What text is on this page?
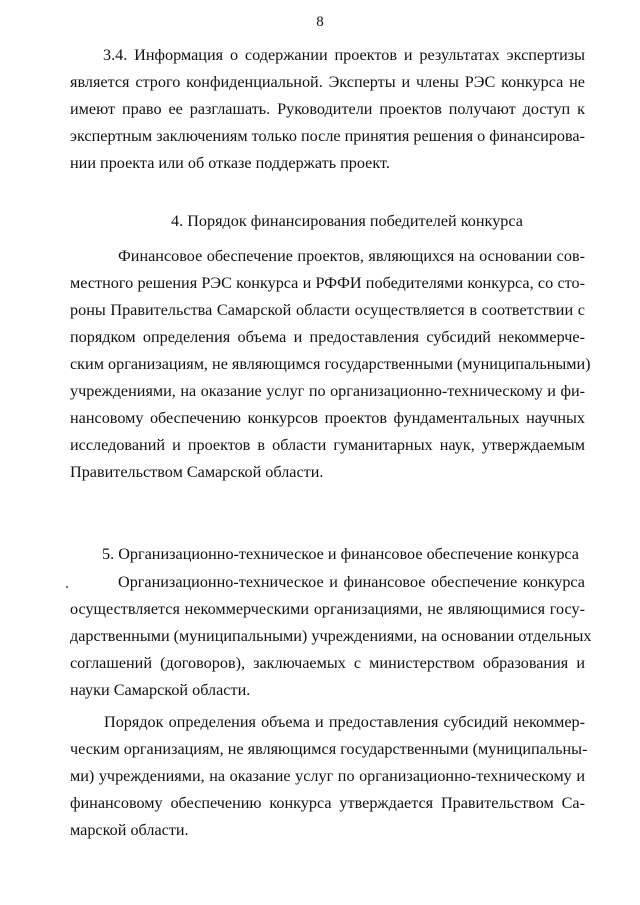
8
3.4. Информация о содержании проектов и результатах экспертизы
является строго конфиденциальной. Эксперты и члены РЭС конкурса не
имеют право ее разглашать. Руководители проектов получают доступ к
экспертным заключениям только после принятия решения о финансирова-
нии проекта или об отказе поддержать проект.
4. Порядок финансирования победителей конкурса
Финансовое обеспечение проектов, являющихся на основании сов-
местного решения РЭС конкурса и РФФИ победителями конкурса, со сто-
роны Правительства Самарской области осуществляется в соответствии с
порядком определения объема и предоставления субсидий некоммерче-
ским организациям, не являющимся государственными (муниципальными)
учреждениями, на оказание услуг по организационно-техническому и фи-
нансовому обеспечению конкурсов проектов фундаментальных научных
исследований и проектов в области гуманитарных наук, утверждаемым
Правительством Самарской области.
5. Организационно-техническое и финансовое обеспечение конкурса
Организационно-техническое и финансовое обеспечение конкурса
осуществляется некоммерческими организациями, не являющимися госу-
дарственными (муниципальными) учреждениями, на основании отдельных
соглашений (договоров), заключаемых с министерством образования и
науки Самарской области.
Порядок определения объема и предоставления субсидий некоммер-
ческим организациям, не являющимся государственными (муниципальны-
ми) учреждениями, на оказание услуг по организационно-техническому и
финансовому обеспечению конкурса утверждается Правительством Са-
марской области.
